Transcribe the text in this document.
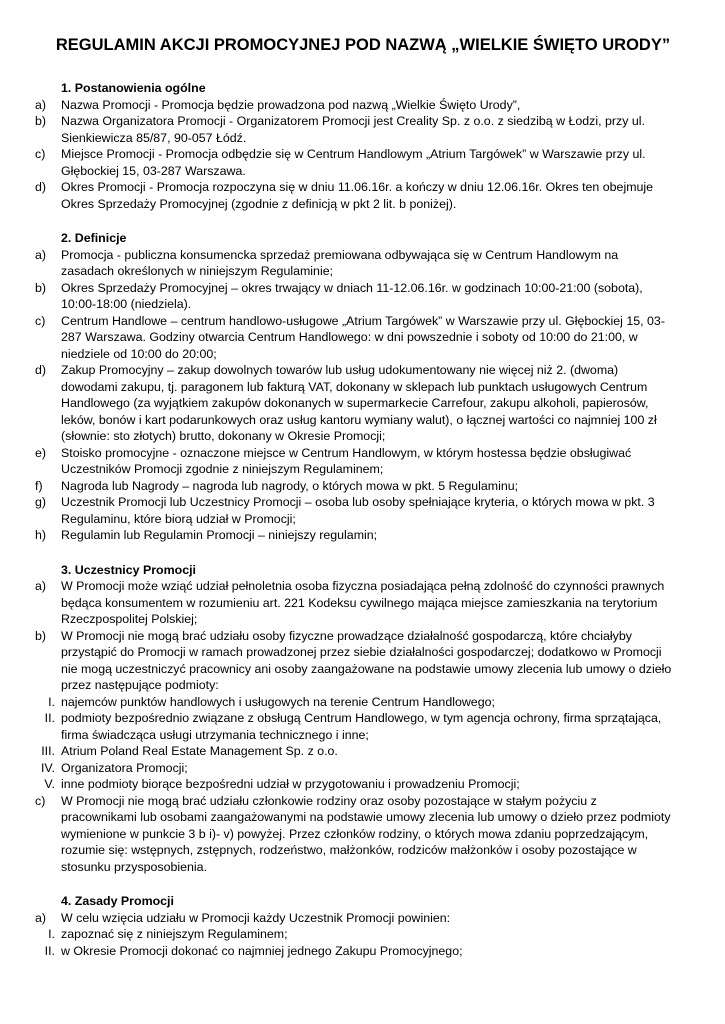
REGULAMIN AKCJI PROMOCYJNEJ POD NAZWĄ „WIELKIE ŚWIĘTO URODY”
1. Postanowienia ogólne
a)	Nazwa Promocji - Promocja będzie prowadzona pod nazwą „Wielkie Święto Urody”,
b)	Nazwa Organizatora Promocji - Organizatorem Promocji jest Creality Sp. z o.o. z siedzibą w Łodzi, przy ul. Sienkiewicza 85/87, 90-057 Łódź.
c)	Miejsce Promocji - Promocja odbędzie się w Centrum Handlowym „Atrium Targówek” w Warszawie przy ul. Głębockiej 15, 03-287 Warszawa.
d)	Okres Promocji - Promocja rozpoczyna się w dniu 11.06.16r. a kończy w dniu 12.06.16r. Okres ten obejmuje Okres Sprzedaży Promocyjnej (zgodnie z definicją w pkt 2 lit. b poniżej).
2. Definicje
a)	Promocja - publiczna konsumencka sprzedaż premiowana odbywająca się w Centrum Handlowym na zasadach określonych w niniejszym Regulaminie;
b)	Okres Sprzedaży Promocyjnej – okres trwający w dniach 11-12.06.16r. w godzinach 10:00-21:00 (sobota), 10:00-18:00 (niedziela).
c)	Centrum Handlowe – centrum handlowo-usługowe „Atrium Targówek” w Warszawie przy ul. Głębockiej 15, 03-287 Warszawa. Godziny otwarcia Centrum Handlowego: w dni powszednie i soboty od 10:00 do 21:00, w niedziele od 10:00 do 20:00;
d)	Zakup Promocyjny – zakup dowolnych towarów lub usług udokumentowany nie więcej niż 2. (dwoma) dowodami zakupu, tj. paragonem lub fakturą VAT, dokonany w sklepach lub punktach usługowych Centrum Handlowego (za wyjątkiem zakupów dokonanych w supermarkecie Carrefour, zakupu alkoholi, papierosów, leków, bonów i kart podarunkowych oraz usług kantoru wymiany walut), o łącznej wartości co najmniej 100 zł (słownie: sto złotych) brutto, dokonany w Okresie Promocji;
e)	Stoisko promocyjne - oznaczone miejsce w Centrum Handlowym, w którym hostessa będzie obsługiwać Uczestników Promocji zgodnie z niniejszym Regulaminem;
f)	Nagroda lub Nagrody – nagroda lub nagrody, o których mowa w pkt. 5 Regulaminu;
g)	Uczestnik Promocji lub Uczestnicy Promocji – osoba lub osoby spełniające kryteria, o których mowa w pkt. 3 Regulaminu, które biorą udział w Promocji;
h)	Regulamin lub Regulamin Promocji – niniejszy regulamin;
3. Uczestnicy Promocji
a)	W Promocji może wziąć udział pełnoletnia osoba fizyczna posiadająca pełną zdolność do czynności prawnych będąca konsumentem w rozumieniu art. 221 Kodeksu cywilnego mająca miejsce zamieszkania na terytorium Rzeczpospolitej Polskiej;
b)	W Promocji nie mogą brać udziału osoby fizyczne prowadzące działalność gospodarczą, które chciałyby przystąpić do Promocji w ramach prowadzonej przez siebie działalności gospodarczej; dodatkowo w Promocji nie mogą uczestniczyć pracownicy ani osoby zaangażowane na podstawie umowy zlecenia lub umowy o dzieło przez następujące podmioty:
I. najemców punktów handlowych i usługowych na terenie Centrum Handlowego;
II. podmioty bezpośrednio związane z obsługą Centrum Handlowego, w tym agencja ochrony, firma sprzątająca, firma świadcząca usługi utrzymania technicznego i inne;
III. Atrium Poland Real Estate Management Sp. z o.o.
IV. Organizatora Promocji;
V. inne podmioty biorące bezpośredni udział w przygotowaniu i prowadzeniu Promocji;
c)	W Promocji nie mogą brać udziału członkowie rodziny oraz osoby pozostające w stałym pożyciu z pracownikami lub osobami zaangażowanymi na podstawie umowy zlecenia lub umowy o dzieło przez podmioty wymienione w punkcie 3 b i)- v) powyżej. Przez członków rodziny, o których mowa zdaniu poprzedzającym, rozumie się: wstępnych, zstępnych, rodzeństwo, małżonków, rodziców małżonków i osoby pozostające w stosunku przysposobienia.
4. Zasady Promocji
a)	W celu wzięcia udziału w Promocji każdy Uczestnik Promocji powinien:
I. zapoznać się z niniejszym Regulaminem;
II. w Okresie Promocji dokonać co najmniej jednego Zakupu Promocyjnego;
